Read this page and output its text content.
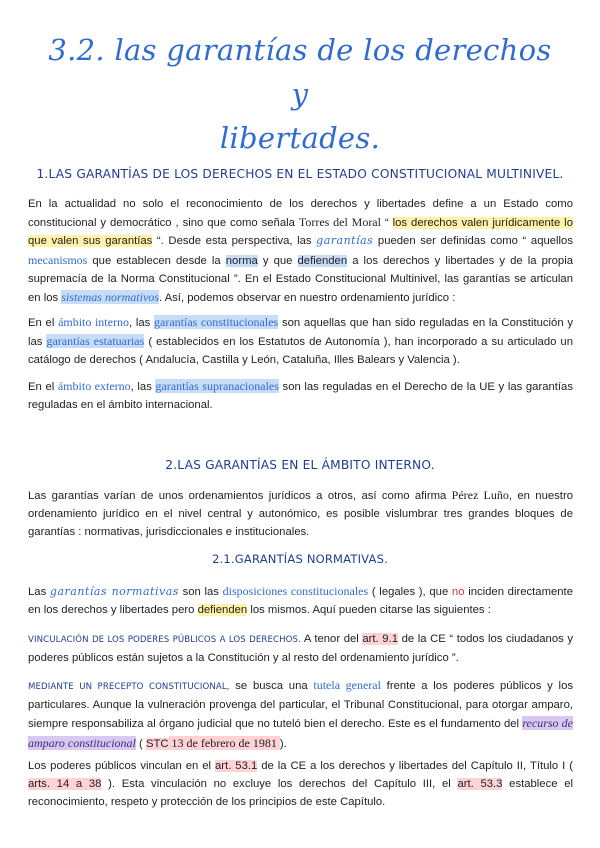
3.2. las garantías de los derechos y
libertades.
1.LAS GARANTÍAS DE LOS DERECHOS EN EL ESTADO CONSTITUCIONAL MULTINIVEL.
En la actualidad no solo el reconocimiento de los derechos y libertades define a un Estado como constitucional y democrático , sino que como señala Torres del Moral “ los derechos valen jurídicamente lo que valen sus garantías “. Desde esta perspectiva, las garantías pueden ser definidas como “ aquellos mecanismos que establecen desde la norma y que defienden a los derechos y libertades y de la propia supremacía de la Norma Constitucional ”. En el Estado Constitucional Multinivel, las garantías se articulan en los sistemas normativos. Así, podemos observar en nuestro ordenamiento jurídico :
En el ámbito interno, las garantías constitucionales son aquellas que han sido reguladas en la Constitución y las garantías estatuarias ( establecidos en los Estatutos de Autonomía ), han incorporado a su articulado un catálogo de derechos ( Andalucía, Castilla y León, Cataluña, Illes Balears y Valencia ).
En el ámbito externo, las garantías supranacionales son las reguladas en el Derecho de la UE y las garantías reguladas en el ámbito internacional.
2.LAS GARANTÍAS EN EL ÁMBITO INTERNO.
Las garantías varían de unos ordenamientos jurídicos a otros, así como afirma Pérez Luño, en nuestro ordenamiento jurídico en el nivel central y autonómico, es posible vislumbrar tres grandes bloques de garantías : normativas, jurisdiccionales e institucionales.
2.1.GARANTÍAS NORMATIVAS.
Las garantías normativas son las disposiciones constitucionales ( legales ), que no inciden directamente en los derechos y libertades pero defienden los mismos. Aquí pueden citarse las siguientes :
VINCULACIÓN DE LOS PODERES PÚBLICOS A LOS DERECHOS. A tenor del art. 9.1 de la CE “ todos los ciudadanos y poderes públicos están sujetos a la Constitución y al resto del ordenamiento jurídico ”.
MEDIANTE UN PRECEPTO CONSTITUCIONAL, se busca una tutela general frente a los poderes públicos y los particulares. Aunque la vulneración provenga del particular, el Tribunal Constitucional, para otorgar amparo, siempre responsabiliza al órgano judicial que no tuteló bien el derecho. Este es el fundamento del recurso de amparo constitucional ( STC 13 de febrero de 1981 ).
Los poderes públicos vinculan en el art. 53.1 de la CE a los derechos y libertades del Capítulo II, Título I ( arts. 14 a 38 ). Esta vinculación no excluye los derechos del Capítulo III, el art. 53.3 establece el reconocimiento, respeto y protección de los principios de este Capítulo.
